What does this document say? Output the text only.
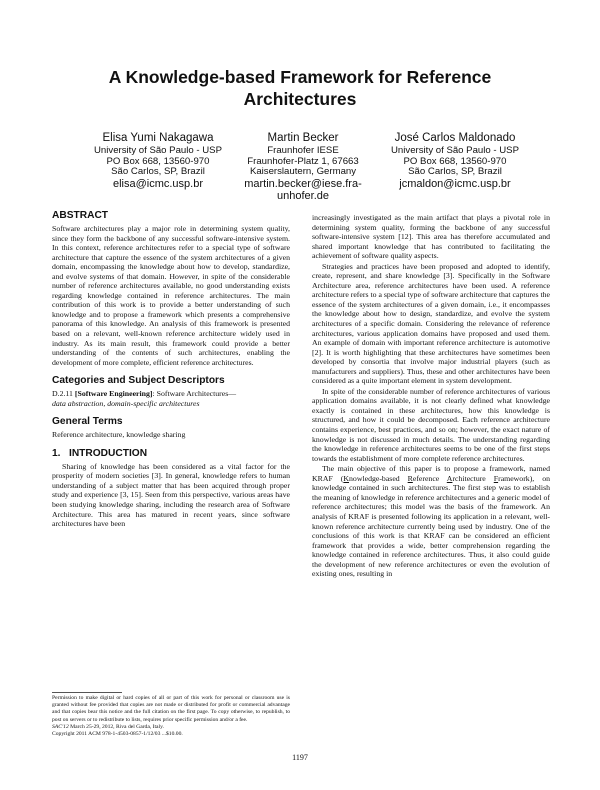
A Knowledge-based Framework for Reference
Architectures
Elisa Yumi Nakagawa
University of São Paulo - USP
PO Box 668, 13560-970
São Carlos, SP, Brazil
elisa@icmc.usp.br
Martin Becker
Fraunhofer IESE
Fraunhofer-Platz 1, 67663
Kaiserslautern, Germany
martin.becker@iese.fra-
unhofer.de
José Carlos Maldonado
University of São Paulo - USP
PO Box 668, 13560-970
São Carlos, SP, Brazil
jcmaldon@icmc.usp.br
ABSTRACT

Software architectures play a major role in determining system quality, since they form the backbone of any successful software-intensive system. In this context, reference architectures refer to a special type of software architecture that capture the essence of the system architectures of a given domain, encompassing the knowledge about how to develop, standardize, and evolve systems of that domain. However, in spite of the considerable number of reference architectures available, no good understanding exists regarding knowledge contained in reference architectures. The main contribution of this work is to provide a better understanding of such knowledge and to propose a framework which presents a comprehensive panorama of this knowledge. An analysis of this framework is presented based on a relevant, well-known reference architecture widely used in industry. As its main result, this framework could provide a better understanding of the contents of such architectures, enabling the development of more complete, efficient reference architectures.

Categories and Subject Descriptors

D.2.11 [Software Engineering]: Software Architectures—
data abstraction, domain-specific architectures

General Terms

Reference architecture, knowledge sharing

1.   INTRODUCTION

Sharing of knowledge has been considered as a vital factor for the prosperity of modern societies [3]. In general, knowledge refers to human understanding of a subject matter that has been acquired through proper study and experience [3, 15]. Seen from this perspective, various areas have been studying knowledge sharing, including the research area of Software Architecture. This area has matured in recent years, since software architectures have been

Permission to make digital or hard copies of all or part of this work for personal or classroom use is granted without fee provided that copies are not made or distributed for profit or commercial advantage and that copies bear this notice and the full citation on the first page. To copy otherwise, to republish, to post on servers or to redistribute to lists, requires prior specific permission and/or a fee.
SAC'12 March 25-29, 2012, Riva del Garda, Italy.
Copyright 2011 ACM 978-1-4503-0857-1/12/03 ...$10.00.

increasingly investigated as the main artifact that plays a pivotal role in determining system quality, forming the backbone of any successful software-intensive system [12]. This area has therefore accumulated and shared important knowledge that has contributed to facilitating the achievement of software quality aspects.

Strategies and practices have been proposed and adopted to identify, create, represent, and share knowledge [3]. Specifically in the Software Architecture area, reference architectures have been used. A reference architecture refers to a special type of software architecture that captures the essence of the system architectures of a given domain, i.e., it encompasses the knowledge about how to design, standardize, and evolve the system architectures of a specific domain. Considering the relevance of reference architectures, various application domains have proposed and used them. An example of domain with important reference architecture is automotive [2]. It is worth highlighting that these architectures have sometimes been developed by consortia that involve major industrial players (such as manufacturers and suppliers). Thus, these and other architectures have been considered as a quite important element in system development.

In spite of the considerable number of reference architectures of various application domains available, it is not clearly defined what knowledge exactly is contained in these architectures, how this knowledge is structured, and how it could be decomposed. Each reference architecture contains experience, best practices, and so on; however, the exact nature of knowledge is not discussed in much details. The understanding regarding the knowledge in reference architectures seems to be one of the first steps towards the establishment of more complete reference architectures.

The main objective of this paper is to propose a framework, named KRAF (Knowledge-based Reference Architecture Framework), on knowledge contained in such architectures. The first step was to establish the meaning of knowledge in reference architectures and a generic model of reference architectures; this model was the basis of the framework. An analysis of KRAF is presented following its application in a relevant, well-known reference architecture currently being used by industry. One of the conclusions of this work is that KRAF can be considered an efficient framework that provides a wide, better comprehension regarding the knowledge contained in reference architectures. Thus, it also could guide the development of new reference architectures or even the evolution of existing ones, resulting in

1197
